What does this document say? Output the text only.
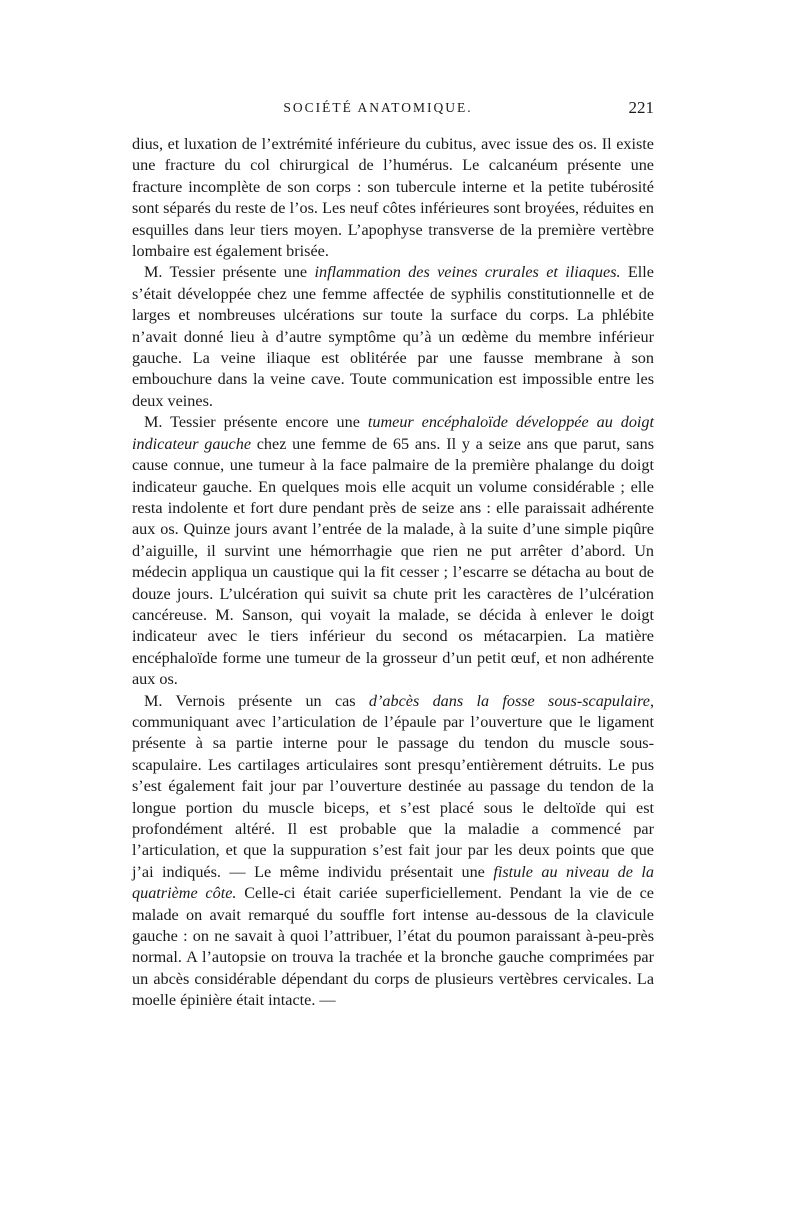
SOCIÉTÉ ANATOMIQUE.	221

dius, et luxation de l’extrémité inférieure du cubitus, avec issue des os. Il existe une fracture du col chirurgical de l’humérus. Le calcanéum présente une fracture incomplète de son corps : son tubercule interne et la petite tubérosité sont séparés du reste de l’os. Les neuf côtes inférieures sont broyées, réduites en esquilles dans leur tiers moyen. L’apophyse transverse de la première vertèbre lombaire est également brisée.

M. Tessier présente une inflammation des veines crurales et iliaques. Elle s’était développée chez une femme affectée de syphilis constitutionnelle et de larges et nombreuses ulcérations sur toute la surface du corps. La phlébite n’avait donné lieu à d’autre symptôme qu’à un œdème du membre inférieur gauche. La veine iliaque est oblitérée par une fausse membrane à son embouchure dans la veine cave. Toute communication est impossible entre les deux veines.

M. Tessier présente encore une tumeur encéphaloïde développée au doigt indicateur gauche chez une femme de 65 ans. Il y a seize ans que parut, sans cause connue, une tumeur à la face palmaire de la première phalange du doigt indicateur gauche. En quelques mois elle acquit un volume considérable ; elle resta indolente et fort dure pendant près de seize ans : elle paraissait adhérente aux os. Quinze jours avant l’entrée de la malade, à la suite d’une simple piqûre d’aiguille, il survint une hémorrhagie que rien ne put arrêter d’abord. Un médecin appliqua un caustique qui la fit cesser ; l’escarre se détacha au bout de douze jours. L’ulcération qui suivit sa chute prit les caractères de l’ulcération cancéreuse. M. Sanson, qui voyait la malade, se décida à enlever le doigt indicateur avec le tiers inférieur du second os métacarpien. La matière encéphaloïde forme une tumeur de la grosseur d’un petit œuf, et non adhérente aux os.

M. Vernois présente un cas d’abcès dans la fosse sous-scapulaire, communiquant avec l’articulation de l’épaule par l’ouverture que le ligament présente à sa partie interne pour le passage du tendon du muscle sous-scapulaire. Les cartilages articulaires sont presqu’entièrement détruits. Le pus s’est également fait jour par l’ouverture destinée au passage du tendon de la longue portion du muscle biceps, et s’est placé sous le deltoïde qui est profondément altéré. Il est probable que la maladie a commencé par l’articulation, et que la suppuration s’est fait jour par les deux points que que j’ai indiqués. — Le même individu présentait une fistule au niveau de la quatrième côte. Celle-ci était cariée superficiellement. Pendant la vie de ce malade on avait remarqué du souffle fort intense au-dessous de la clavicule gauche : on ne savait à quoi l’attribuer, l’état du poumon paraissant à-peu-près normal. A l’autopsie on trouva la trachée et la bronche gauche comprimées par un abcès considérable dépendant du corps de plusieurs vertèbres cervicales. La moelle épinière était intacte. —
